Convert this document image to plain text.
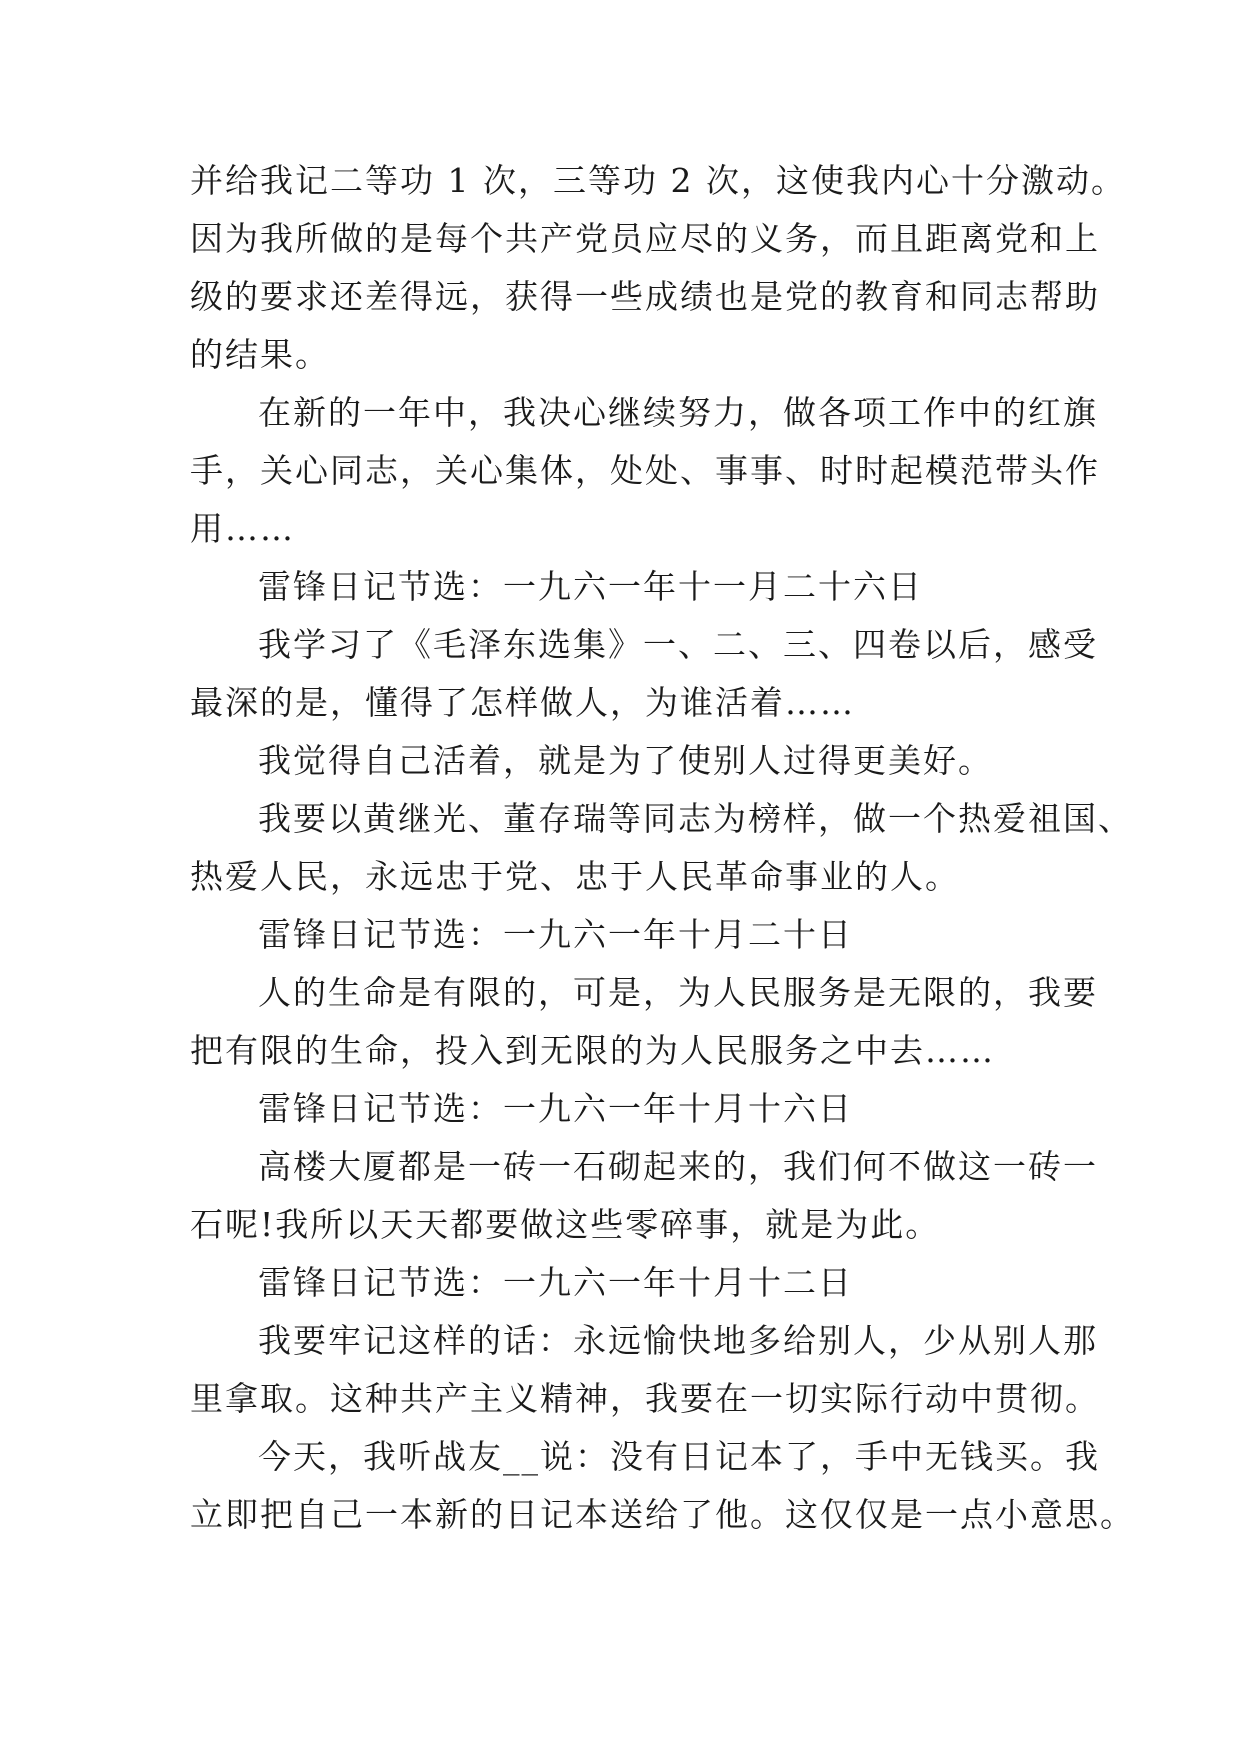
并给我记二等功 1 次，三等功 2 次，这使我内心十分激动。
因为我所做的是每个共产党员应尽的义务，而且距离党和上
级的要求还差得远，获得一些成绩也是党的教育和同志帮助
的结果。
在新的一年中，我决心继续努力，做各项工作中的红旗
手，关心同志，关心集体，处处、事事、时时起模范带头作
用……
雷锋日记节选：一九六一年十一月二十六日
我学习了《毛泽东选集》一、二、三、四卷以后，感受
最深的是，懂得了怎样做人，为谁活着……
我觉得自己活着，就是为了使别人过得更美好。
我要以黄继光、董存瑞等同志为榜样，做一个热爱祖国、
热爱人民，永远忠于党、忠于人民革命事业的人。
雷锋日记节选：一九六一年十月二十日
人的生命是有限的，可是，为人民服务是无限的，我要
把有限的生命，投入到无限的为人民服务之中去……
雷锋日记节选：一九六一年十月十六日
高楼大厦都是一砖一石砌起来的，我们何不做这一砖一
石呢!我所以天天都要做这些零碎事，就是为此。
雷锋日记节选：一九六一年十月十二日
我要牢记这样的话：永远愉快地多给别人，少从别人那
里拿取。这种共产主义精神，我要在一切实际行动中贯彻。
今天，我听战友__说：没有日记本了，手中无钱买。我
立即把自己一本新的日记本送给了他。这仅仅是一点小意思。
